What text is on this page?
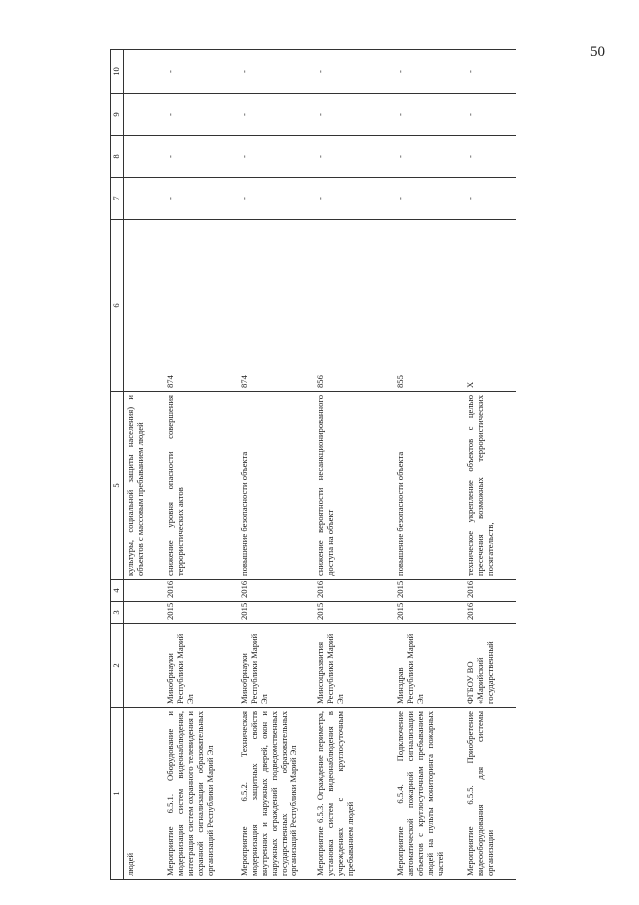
50
1	2	3	4	5	6	7	8	9	10
людей				культуры, социальной защиты населения) и объектов с массовым пребыванием людей					
Мероприятие 6.5.1. Оборудование и модернизация систем видеонаблюдения, интеграция систем охранного телевидения и охранной сигнализации образовательных организаций Республики Марий Эл	Минобрнауки Республики Марий Эл	2015	2016	снижение уровня опасности совершения террористических актов	874	-	-	-	-
Мероприятие 6.5.2. Техническая модернизация защитных свойств внутренних и наружных дверей, окон и наружных ограждений подведомственных государственных образовательных организаций Республики Марий Эл	Минобрнауки Республики Марий Эл	2015	2016	повышение безопасности объекта	874	-	-	-	-
Мероприятие 6.5.3. Ограждение периметра, установка систем видеонаблюдения в учреждениях с круглосуточным пребыванием людей	Минсоцразвития Республики Марий Эл	2015	2016	снижение вероятности несанкционированного доступа на объект	856	-	-	-	-
Мероприятие 6.5.4. Подключение автоматической пожарной сигнализации объектов с круглосуточным пребыванием людей на пульты мониторинга пожарных частей	Минздрав Республики Марий Эл	2015	2015	повышение безопасности объекта	855	-	-	-	-
Мероприятие 6.5.5. Приобретение видеооборудования для системы организации	ФГБОУ ВО «Марийский государственный	2016	2016	техническое укрепление объектов с целью пресечения возможных террористических посягательств,	Х	-	-	-	-
